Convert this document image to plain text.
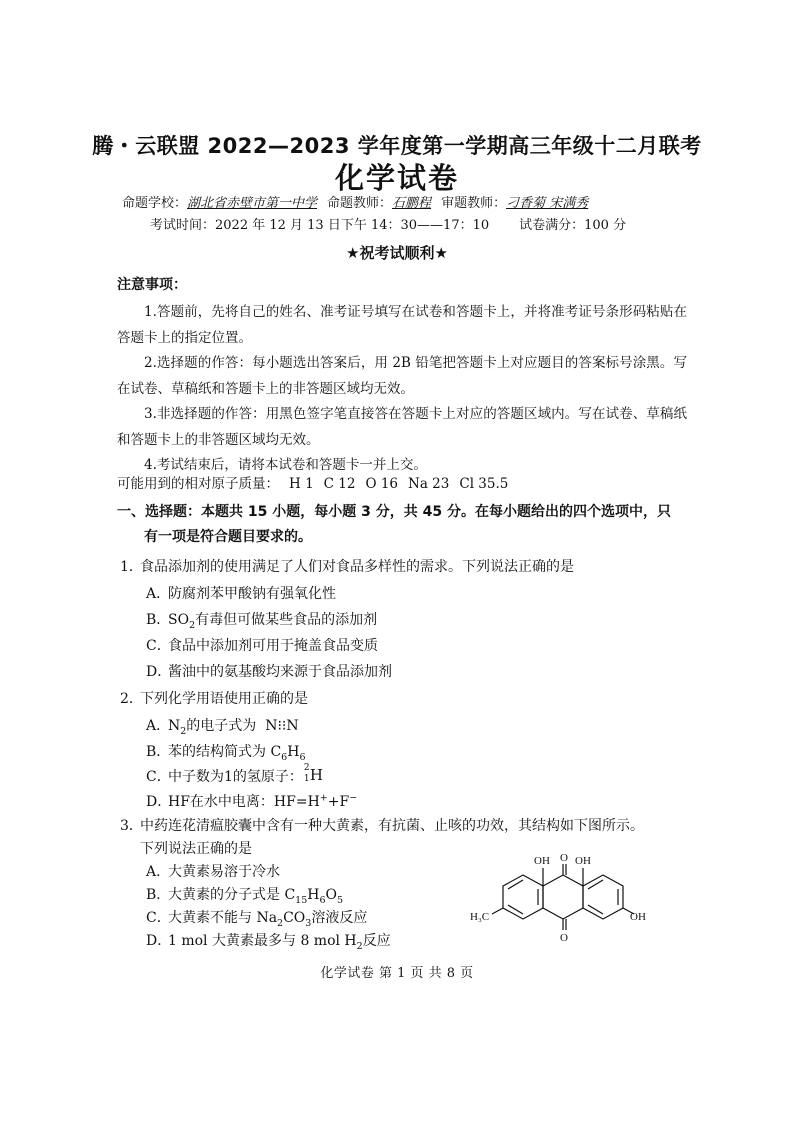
腾・云联盟 2022—2023 学年度第一学期高三年级十二月联考
化学试卷
命题学校：湖北省赤壁市第一中学 命题教师：石鹏程 审题教师：刁香菊 宋满秀
考试时间：2022 年 12 月 13 日下午 14：30——17：10 试卷满分：100 分
★祝考试顺利★
注意事项：

1.答题前，先将自己的姓名、准考证号填写在试卷和答题卡上，并将准考证号条形码粘贴在答题卡上的指定位置。

2.选择题的作答：每小题选出答案后，用 2B 铅笔把答题卡上对应题目的答案标号涂黑。写在试卷、草稿纸和答题卡上的非答题区域均无效。

3.非选择题的作答：用黑色签字笔直接答在答题卡上对应的答题区域内。写在试卷、草稿纸和答题卡上的非答题区域均无效。

4.考试结束后，请将本试卷和答题卡一并上交。

可能用到的相对原子质量： H 1 C 12 O 16 Na 23 Cl 35.5
一、选择题：本题共 15 小题，每小题 3 分，共 45 分。在每小题给出的四个选项中，只
有一项是符合题目要求的。
1．食品添加剂的使用满足了人们对食品多样性的需求。下列说法正确的是
A．防腐剂苯甲酸钠有强氧化性
B．$SO_2$有毒但可做某些食品的添加剂
C．食品中添加剂可用于掩盖食品变质
D．酱油中的氨基酸均来源于食品添加剂
2．下列化学用语使用正确的是
A．$N_2$的电子式为 N⁝⁝N
B．苯的结构简式为 $C_6H_6$
C．中子数为1的氢原子：
2
1 H
D．HF在水中电离：HF=H++F−
3．中药连花清瘟胶囊中含有一种大黄素，有抗菌、止咳的功效，其结构如下图所示。
下列说法正确的是
A．大黄素易溶于冷水
B．大黄素的分子式是 $C_{15}H_6O_5$
C．大黄素不能与 $Na_2CO_3$溶液反应
D．1 mol 大黄素最多与 8 mol $H_2$反应
OH O OH
H₃C	OH
O
化学试卷 第 1 页 共 8 页
